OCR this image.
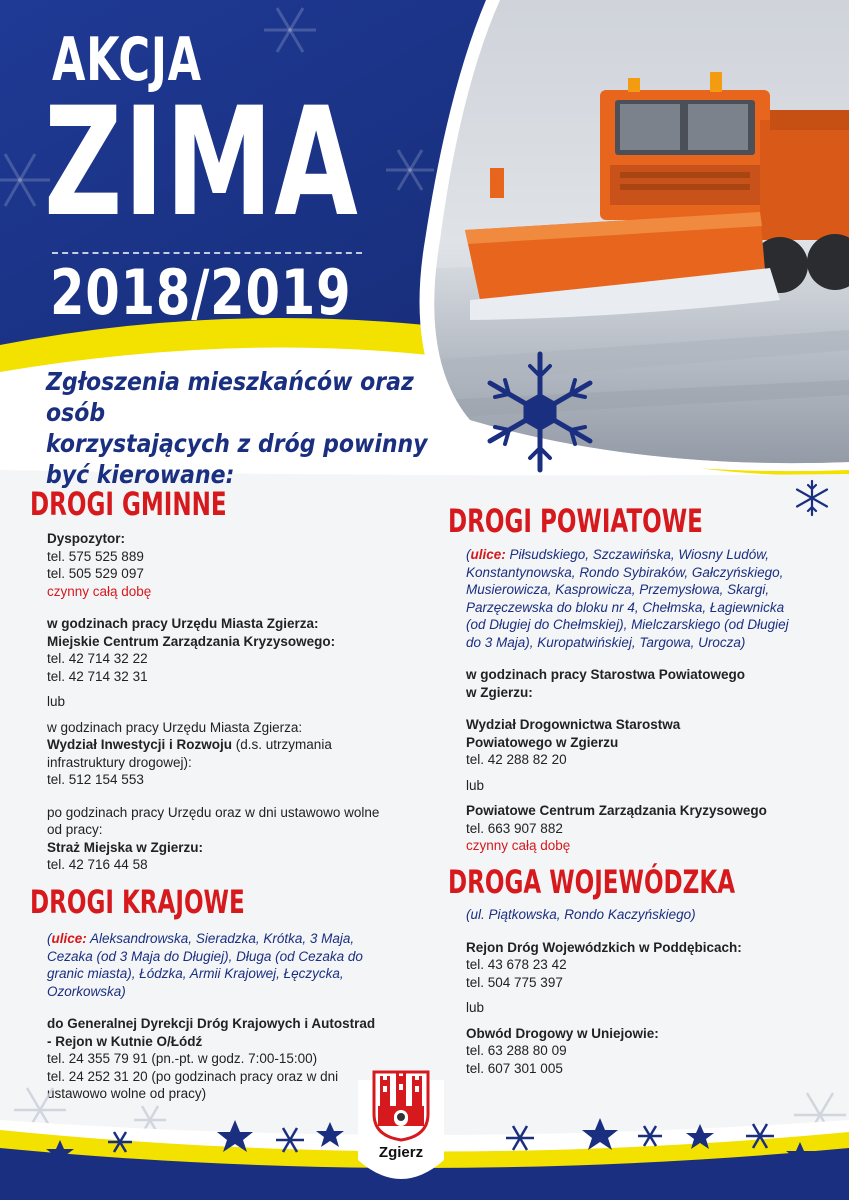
AKCJA
ZIMA
2018/2019
Zgłoszenia mieszkańców oraz osób
korzystających z dróg powinny
być kierowane:
DROGI GMINNE
Dyspozytor:
tel. 575 525 889
tel. 505 529 097
czynny całą dobę
w godzinach pracy Urzędu Miasta Zgierza:
Miejskie Centrum Zarządzania Kryzysowego:
tel. 42 714 32 22
tel. 42 714 32 31
lub
w godzinach pracy Urzędu Miasta Zgierza:
Wydział Inwestycji i Rozwoju (d.s. utrzymania
infrastruktury drogowej):
tel. 512 154 553
po godzinach pracy Urzędu oraz w dni ustawowo wolne
od pracy:
Straż Miejska w Zgierzu:
tel. 42 716 44 58
DROGI KRAJOWE
(ulice: Aleksandrowska, Sieradzka, Krótka, 3 Maja,
Cezaka (od 3 Maja do Długiej), Długa (od Cezaka do
granic miasta), Łódzka, Armii Krajowej, Łęczycka,
Ozorkowska)
do Generalnej Dyrekcji Dróg Krajowych i Autostrad
- Rejon w Kutnie O/Łódź
tel. 24 355 79 91 (pn.-pt. w godz. 7:00-15:00)
tel. 24 252 31 20 (po godzinach pracy oraz w dni
ustawowo wolne od pracy)
DROGI POWIATOWE
(ulice: Piłsudskiego, Szczawińska, Wiosny Ludów,
Konstantynowska, Rondo Sybiraków, Gałczyńskiego,
Musierowicza, Kasprowicza, Przemysłowa, Skargi,
Parzęczewska do bloku nr 4, Chełmska, Łagiewnicka
(od Długiej do Chełmskiej), Mielczarskiego (od Długiej
do 3 Maja), Kuropatwińskiej, Targowa, Urocza)
w godzinach pracy Starostwa Powiatowego
w Zgierzu:
Wydział Drogownictwa Starostwa
Powiatowego w Zgierzu
tel. 42 288 82 20
lub
Powiatowe Centrum Zarządzania Kryzysowego
tel. 663 907 882
czynny całą dobę
DROGA WOJEWÓDZKA
(ul. Piątkowska, Rondo Kaczyńskiego)
Rejon Dróg Wojewódzkich w Poddębicach:
tel. 43 678 23 42
tel. 504 775 397
lub
Obwód Drogowy w Uniejowie:
tel. 63 288 80 09
tel. 607 301 005
Zgierz
